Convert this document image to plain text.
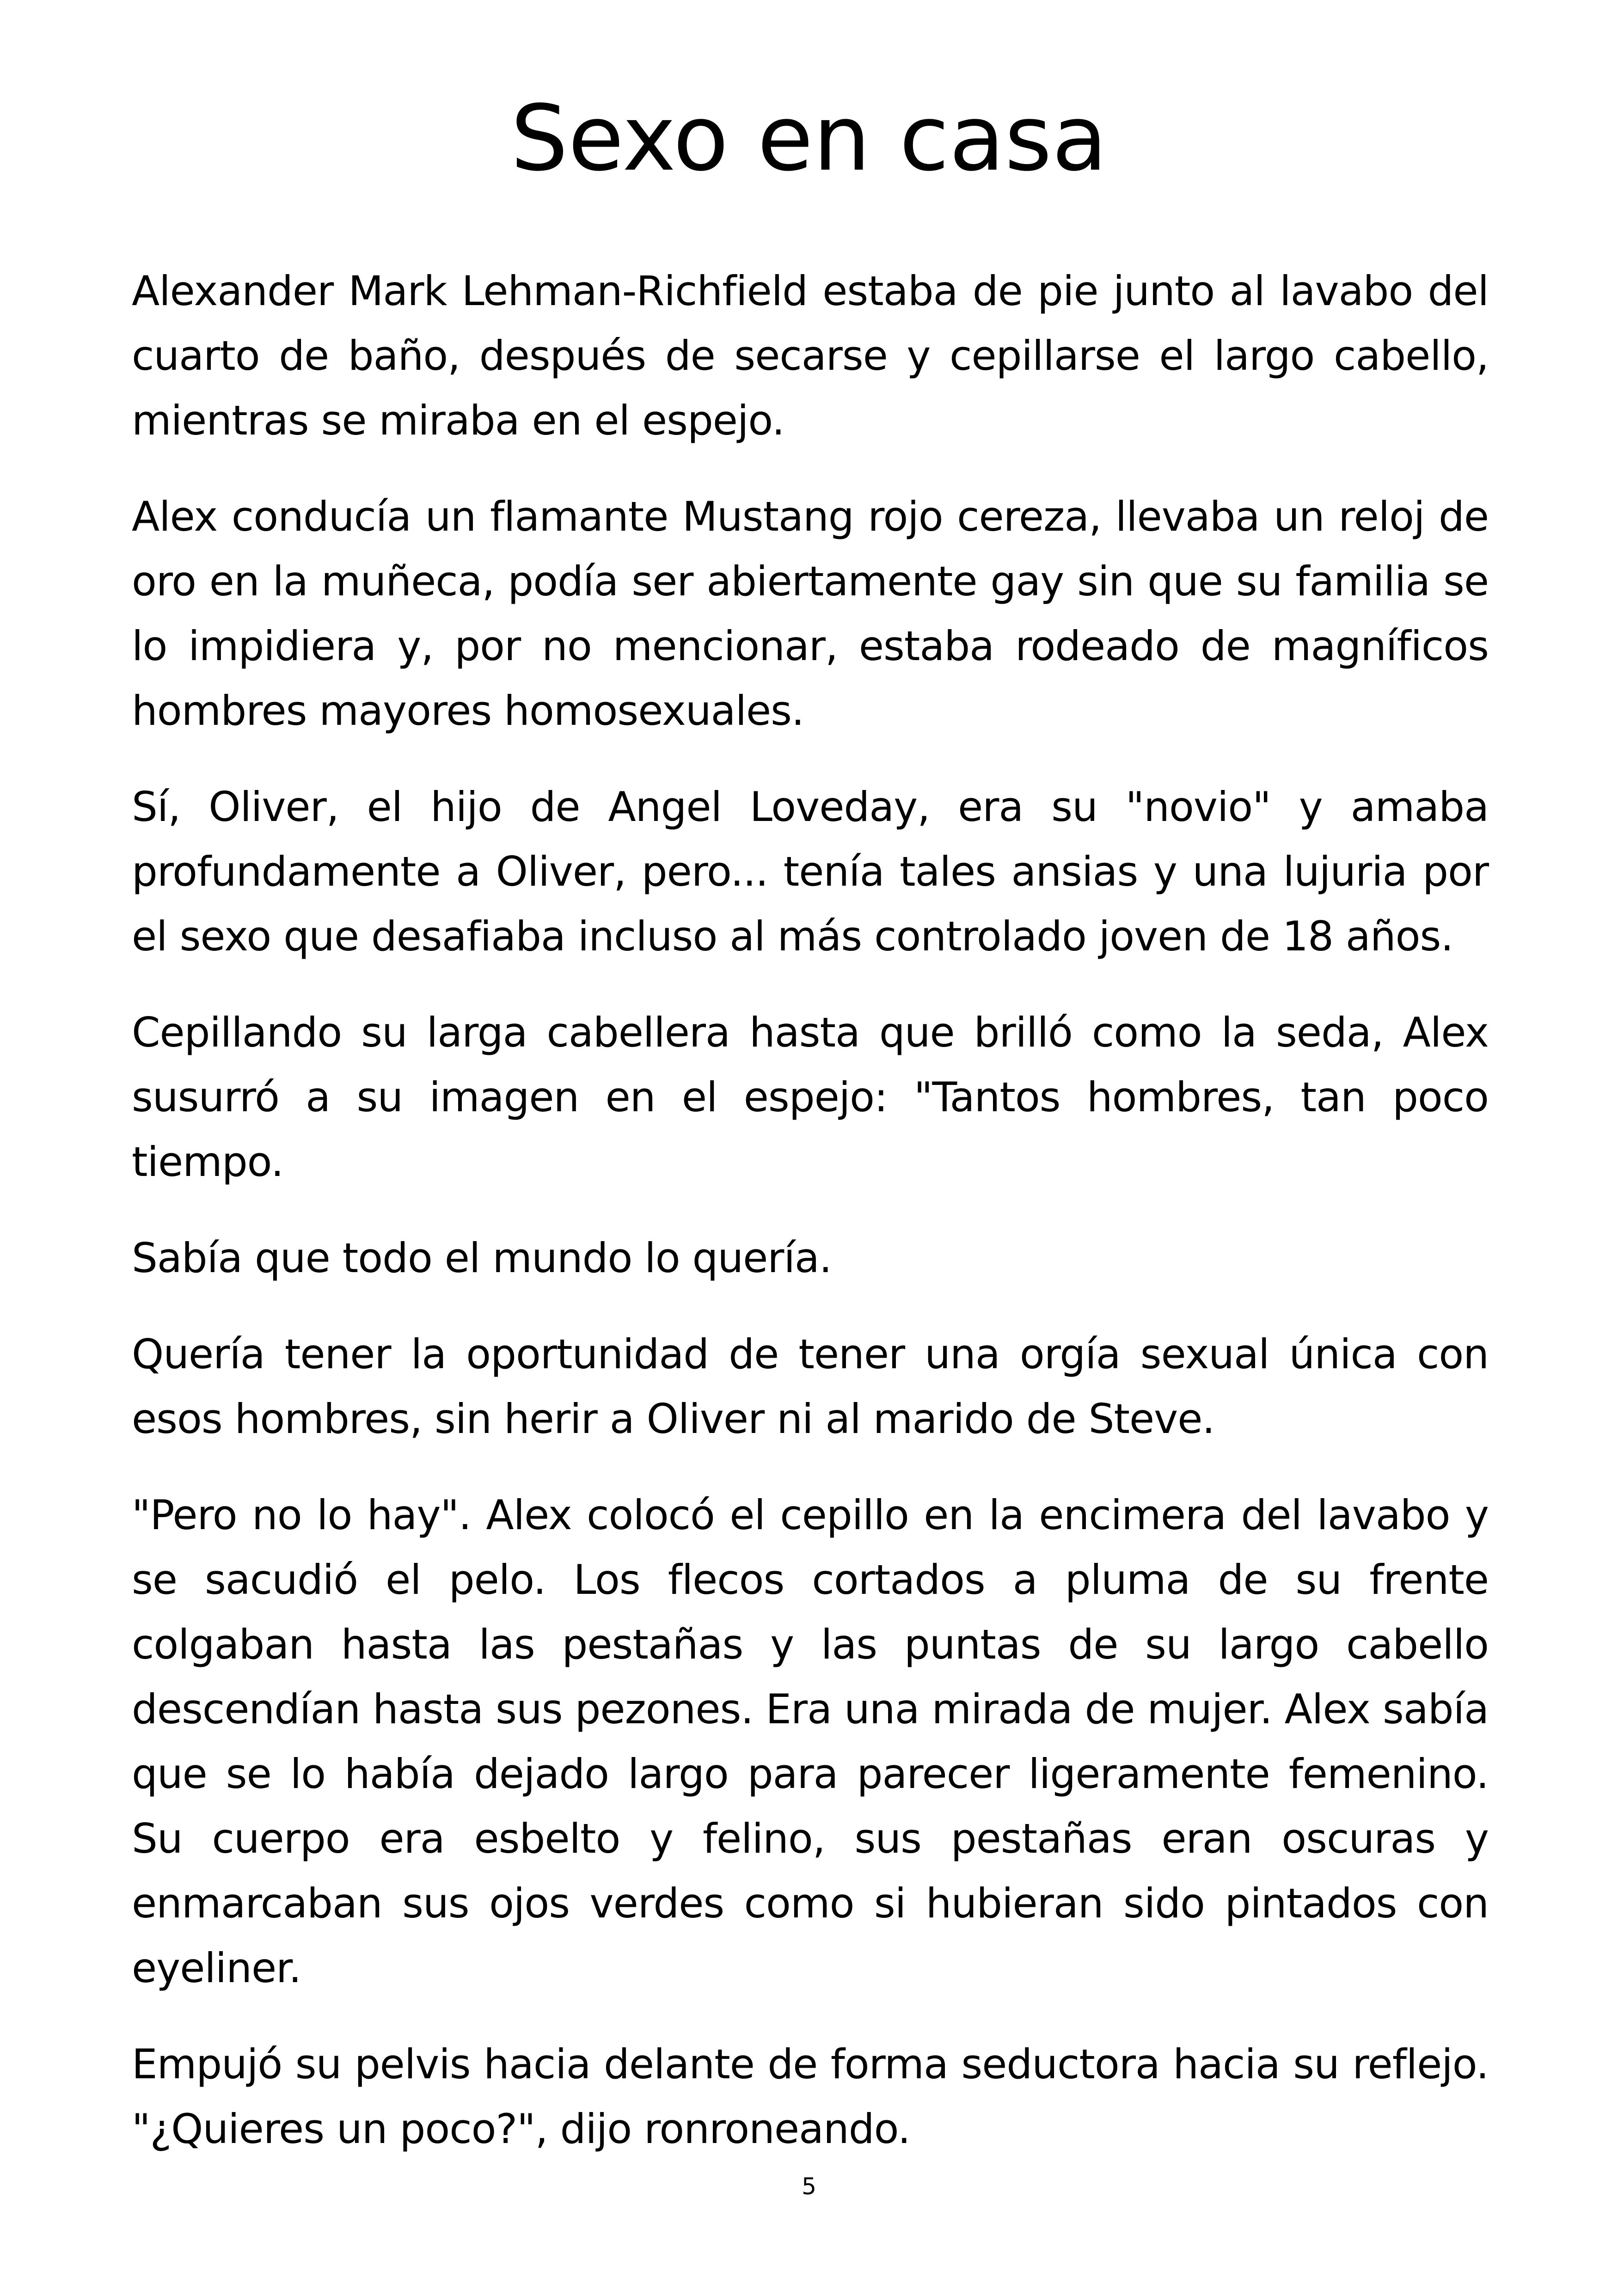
Sexo en casa

Alexander Mark Lehman-Richfield estaba de pie junto al lavabo del cuarto de baño, después de secarse y cepillarse el largo cabello, mientras se miraba en el espejo.

Alex conducía un flamante Mustang rojo cereza, llevaba un reloj de oro en la muñeca, podía ser abiertamente gay sin que su familia se lo impidiera y, por no mencionar, estaba rodeado de magníficos hombres mayores homosexuales.

Sí, Oliver, el hijo de Angel Loveday, era su "novio" y amaba profundamente a Oliver, pero... tenía tales ansias y una lujuria por el sexo que desafiaba incluso al más controlado joven de 18 años.

Cepillando su larga cabellera hasta que brilló como la seda, Alex susurró a su imagen en el espejo: "Tantos hombres, tan poco tiempo.

Sabía que todo el mundo lo quería.

Quería tener la oportunidad de tener una orgía sexual única con esos hombres, sin herir a Oliver ni al marido de Steve.

"Pero no lo hay". Alex colocó el cepillo en la encimera del lavabo y se sacudió el pelo. Los flecos cortados a pluma de su frente colgaban hasta las pestañas y las puntas de su largo cabello descendían hasta sus pezones. Era una mirada de mujer. Alex sabía que se lo había dejado largo para parecer ligeramente femenino. Su cuerpo era esbelto y felino, sus pestañas eran oscuras y enmarcaban sus ojos verdes como si hubieran sido pintados con eyeliner.

Empujó su pelvis hacia delante de forma seductora hacia su reflejo. "¿Quieres un poco?", dijo ronroneando.

5
